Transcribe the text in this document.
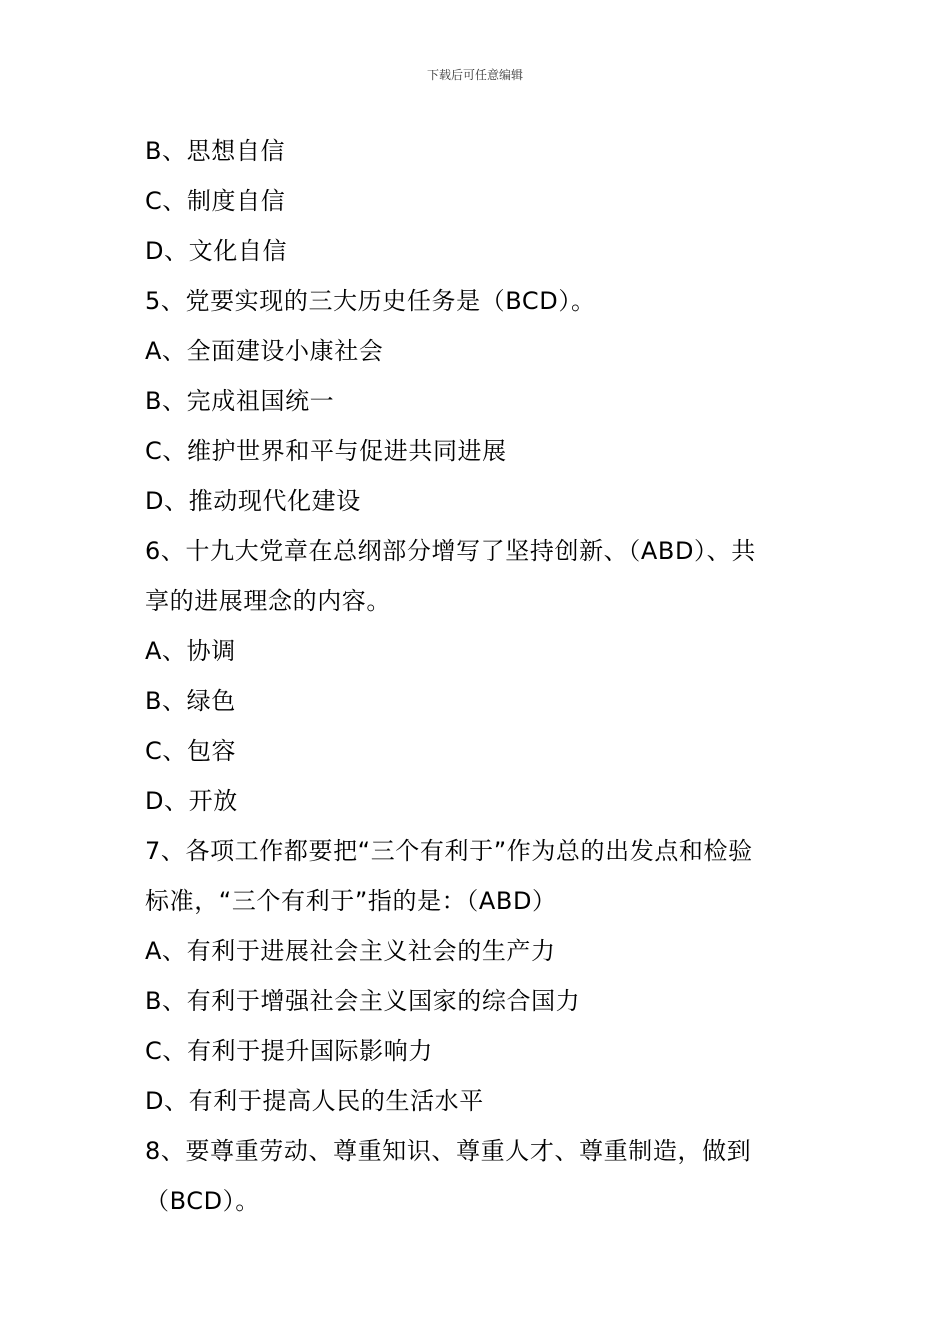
下载后可任意编辑
B、思想自信
C、制度自信
D、文化自信
5、党要实现的三大历史任务是（BCD）。
A、全面建设小康社会
B、完成祖国统一
C、维护世界和平与促进共同进展
D、推动现代化建设
6、十九大党章在总纲部分增写了坚持创新、（ABD）、共
享的进展理念的内容。
A、协调
B、绿色
C、包容
D、开放
7、各项工作都要把“三个有利于”作为总的出发点和检验
标准，“三个有利于”指的是：（ABD）
A、有利于进展社会主义社会的生产力
B、有利于增强社会主义国家的综合国力
C、有利于提升国际影响力
D、有利于提高人民的生活水平
8、要尊重劳动、尊重知识、尊重人才、尊重制造，做到
（BCD）。
